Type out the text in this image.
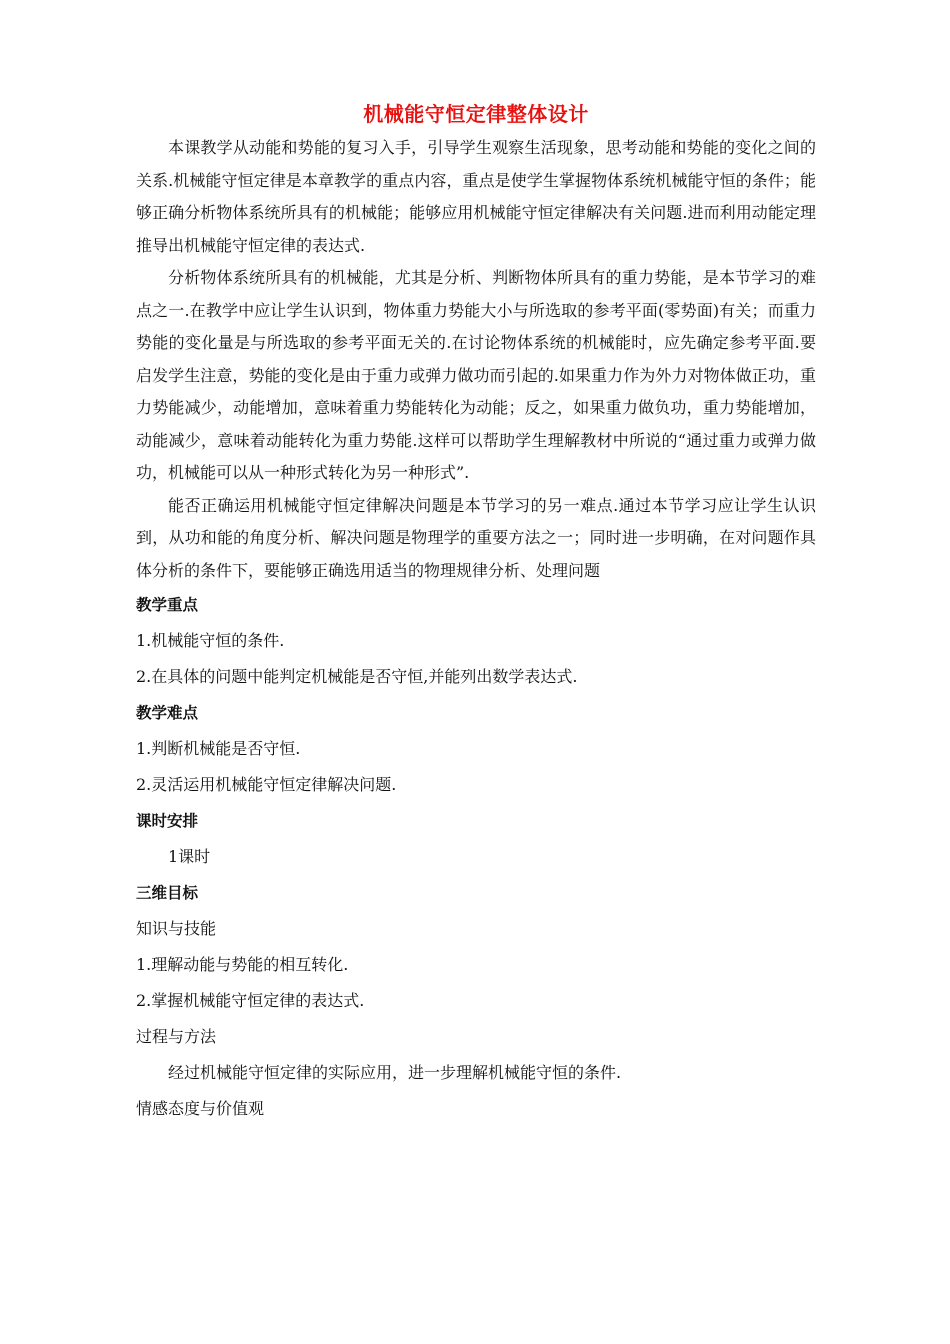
机械能守恒定律整体设计

本课教学从动能和势能的复习入手，引导学生观察生活现象，思考动能和势能的变化之间的关系.机械能守恒定律是本章教学的重点内容，重点是使学生掌握物体系统机械能守恒的条件；能够正确分析物体系统所具有的机械能；能够应用机械能守恒定律解决有关问题.进而利用动能定理推导出机械能守恒定律的表达式.

分析物体系统所具有的机械能，尤其是分析、判断物体所具有的重力势能，是本节学习的难点之一.在教学中应让学生认识到，物体重力势能大小与所选取的参考平面(零势面)有关；而重力势能的变化量是与所选取的参考平面无关的.在讨论物体系统的机械能时，应先确定参考平面.要启发学生注意，势能的变化是由于重力或弹力做功而引起的.如果重力作为外力对物体做正功，重力势能减少，动能增加，意味着重力势能转化为动能；反之，如果重力做负功，重力势能增加，动能减少，意味着动能转化为重力势能.这样可以帮助学生理解教材中所说的“通过重力或弹力做功，机械能可以从一种形式转化为另一种形式”.

能否正确运用机械能守恒定律解决问题是本节学习的另一难点.通过本节学习应让学生认识到，从功和能的角度分析、解决问题是物理学的重要方法之一；同时进一步明确，在对问题作具体分析的条件下，要能够正确选用适当的物理规律分析、处理问题

教学重点
1.机械能守恒的条件.
2.在具体的问题中能判定机械能是否守恒,并能列出数学表达式.
教学难点
1.判断机械能是否守恒.
2.灵活运用机械能守恒定律解决问题.
课时安排
1课时
三维目标
知识与技能
1.理解动能与势能的相互转化.
2.掌握机械能守恒定律的表达式.
过程与方法
经过机械能守恒定律的实际应用，进一步理解机械能守恒的条件.
情感态度与价值观
